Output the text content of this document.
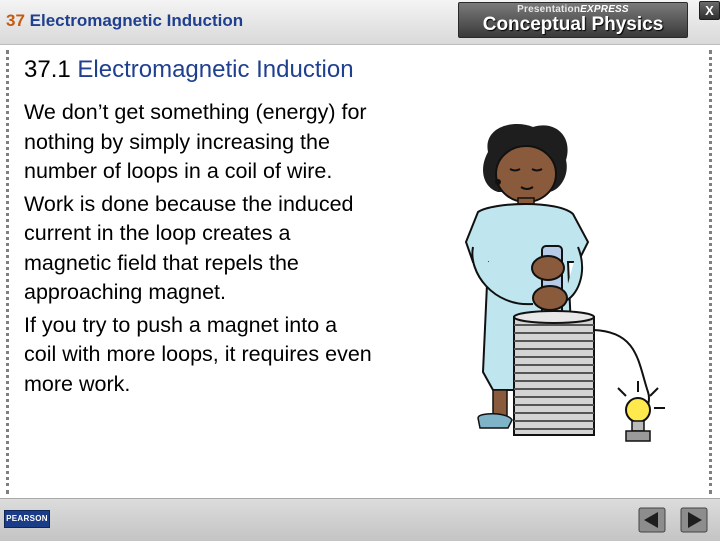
37 Electromagnetic Induction
PresentationEXPRESS
Conceptual Physics
X
37.1 Electromagnetic Induction

We don’t get something (energy) for nothing by simply increasing the number of loops in a coil of wire.

Work is done because the induced current in the loop creates a magnetic field that repels the approaching magnet.

If you try to push a magnet into a coil with more loops, it requires even more work.

PEARSON
